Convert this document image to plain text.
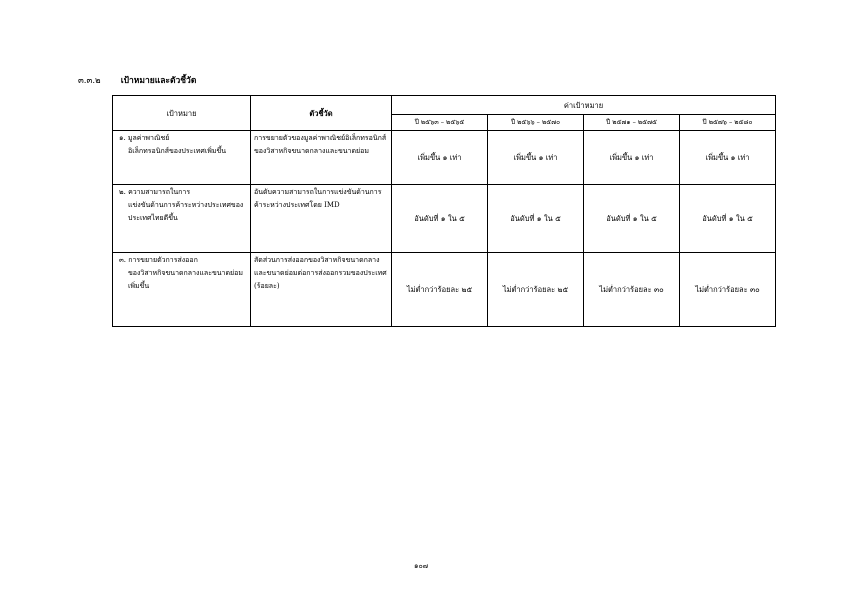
๓.๓.๒ เป้าหมายและตัวชี้วัด
เป้าหมาย	ตัวชี้วัด	ค่าเป้าหมาย			
		ปี ๒๕๖๓ – ๒๕๖๕	ปี ๒๕๖๖ – ๒๕๗๐	ปี ๒๕๗๑ – ๒๕๗๕	ปี ๒๕๗๖ – ๒๕๘๐
๑. มูลค่าพาณิชย์
อิเล็กทรอนิกส์ของประเทศเพิ่มขึ้น	การขยายตัวของมูลค่าพาณิชย์อิเล็กทรอนิกส์ของวิสาหกิจขนาดกลางและขนาดย่อม	เพิ่มขึ้น ๑ เท่า	เพิ่มขึ้น ๑ เท่า	เพิ่มขึ้น ๑ เท่า	เพิ่มขึ้น ๑ เท่า
๒. ความสามารถในการ
แข่งขันด้านการค้าระหว่างประเทศของประเทศไทยดีขึ้น	อันดับความสามารถในการแข่งขันด้านการค้าระหว่างประเทศโดย IMD	อันดับที่ ๑ ใน ๕	อันดับที่ ๑ ใน ๕	อันดับที่ ๑ ใน ๕	อันดับที่ ๑ ใน ๕
๓. การขยายตัวการส่งออก
ของวิสาหกิจขนาดกลางและขนาดย่อมเพิ่มขึ้น	สัดส่วนการส่งออกของวิสาหกิจขนาดกลางและขนาดย่อมต่อการส่งออกรวมของประเทศ (ร้อยละ)	ไม่ต่ำกว่าร้อยละ ๒๕	ไม่ต่ำกว่าร้อยละ ๒๕	ไม่ต่ำกว่าร้อยละ ๓๐	ไม่ต่ำกว่าร้อยละ ๓๐
๑๐๗
